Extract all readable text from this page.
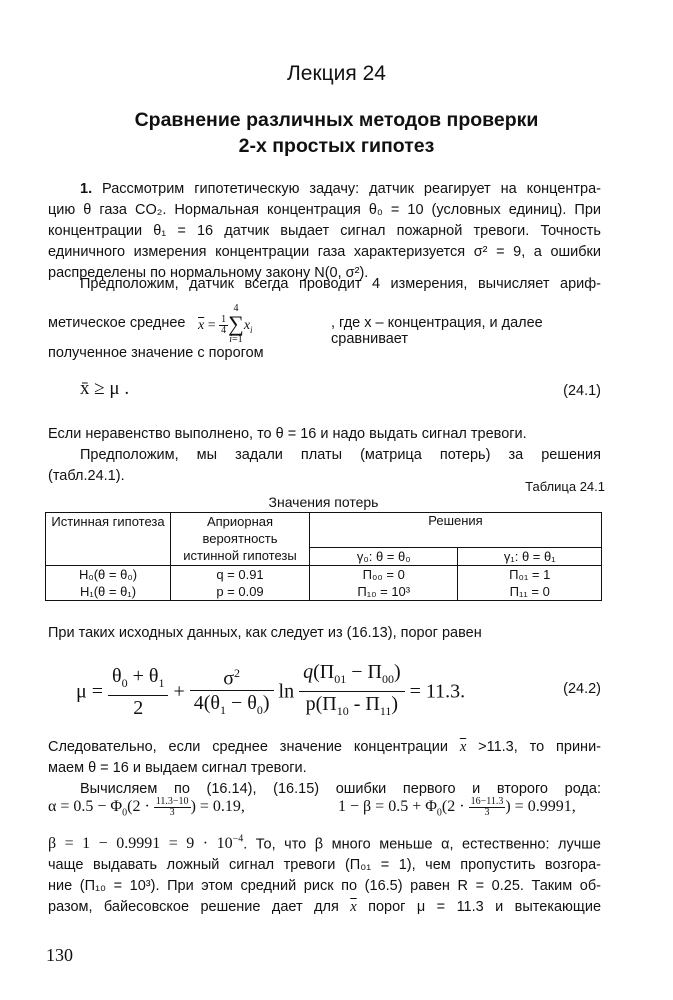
Лекция 24
Сравнение различных методов проверки
2-х простых гипотез
1. Рассмотрим гипотетическую задачу: датчик реагирует на концентра-
цию θ газа CO₂. Нормальная концентрация θ₀ = 10 (условных единиц). При
концентрации θ₁ = 16 датчик выдает сигнал пожарной тревоги. Точность
единичного измерения концентрации газа характеризуется σ² = 9, а ошибки
распределены по нормальному закону N(0, σ²).
Предположим, датчик всегда проводит 4 измерения, вычисляет ариф-
метическое среднее $\overline{x} = \frac{1}{4}$
4
∑
i=1
$x_i$	, где x – концентрация, и далее сравнивает
полученное значение с порогом
x̄ ≥ μ .	(24.1)
Если неравенство выполнено, то θ = 16 и надо выдать сигнал тревоги.
Предположим, мы задали платы (матрица потерь) за решения
(табл.24.1).
Таблица 24.1
Значения потерь
Истинная гипотеза	Априорная	Решения	
	вероятность		
	истинной гипотезы	γ₀: θ = θ₀	γ₁: θ = θ₁
H₀(θ = θ₀)	q = 0.91	Π₀₀ = 0	Π₀₁ = 1
H₁(θ = θ₁)	p = 0.09	Π₁₀ = 10³	Π₁₁ = 0
При таких исходных данных, как следует из (16.13), порог равен
$\mu = \frac{\theta_0 + \theta_1}{2} + \frac{\sigma^2}{4(\theta_1 - \theta_0)}$ $\ln \frac{q(\Pi_{01} - \Pi_{00})}{p(\Pi_{10} - \Pi_{11})} = 11.3$.	(24.2)
Следовательно, если среднее значение концентрации $\overline{x} >11.3$, то прини-
маем θ = 16 и выдаем сигнал тревоги.
Вычисляем по (16.14), (16.15) ошибки первого и второго рода:
$\alpha = 0.5 - \Phi_0(2 \cdot \frac{11.3-10}{3}$ ) = 0.19,	$1 - \beta = 0.5 + \Phi_0(2 \cdot \frac{16-11.3}{3}$ ) = 0.9991,
$\beta = 1 - 0.9991 = 9 \cdot 10^{-4}$. То, что β много меньше α, естественно: лучше
чаще выдавать ложный сигнал тревоги (Π₀₁ = 1), чем пропустить возгора-
ние (Π₁₀ = 10³). При этом средний риск по (16.5) равен R = 0.25. Таким об-
разом, байесовское решение дает для $\overline{x}$ порог μ = 11.3 и вытекающие
130
